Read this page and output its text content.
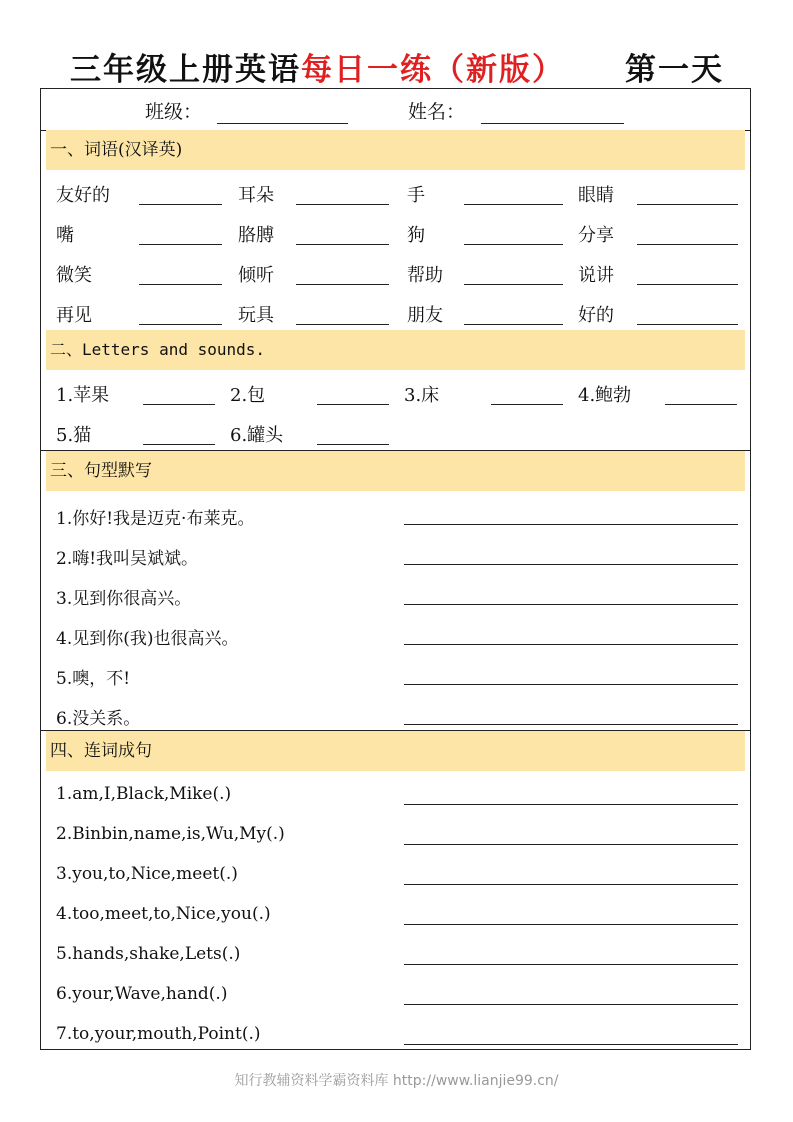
三年级上册英语每日一练（新版） 第一天
班级：	姓名：
一、词语(汉译英)
友好的	耳朵	手	眼睛
嘴	胳膊	狗	分享
微笑	倾听	帮助	说讲
再见	玩具	朋友	好的
二、Letters and sounds.
1.苹果	2.包	3.床	4.鲍勃
5.猫	6.罐头
三、句型默写
1.你好!我是迈克·布莱克。
2.嗨!我叫吴斌斌。
3.见到你很高兴。
4.见到你(我)也很高兴。
5.噢，不!
6.没关系。
四、连词成句
1.am,I,Black,Mike(.)
2.Binbin,name,is,Wu,My(.)
3.you,to,Nice,meet(.)
4.too,meet,to,Nice,you(.)
5.hands,shake,Lets(.)
6.your,Wave,hand(.)
7.to,your,mouth,Point(.)
知行教辅资料学霸资料库 http://www.lianjie99.cn/
